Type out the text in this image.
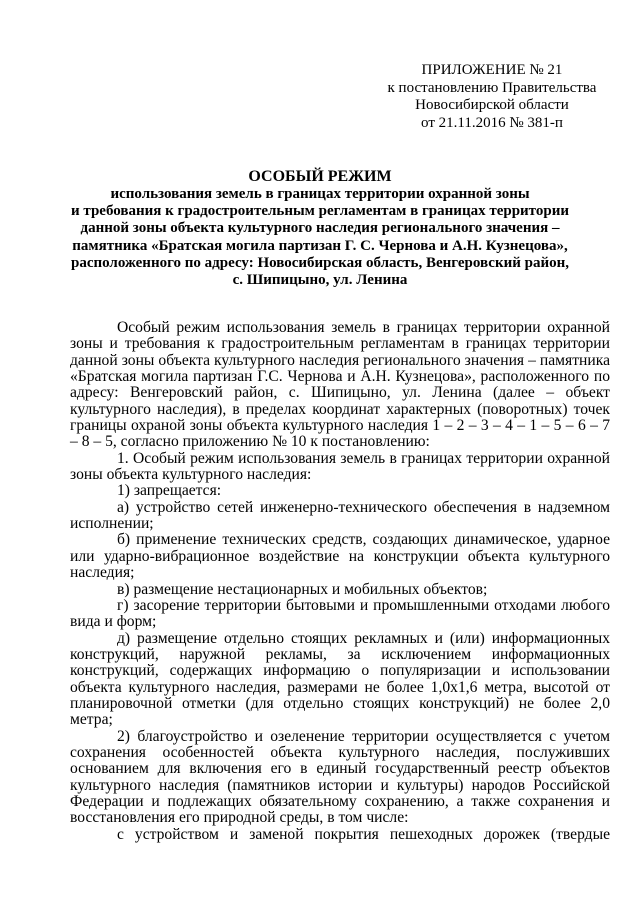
ПРИЛОЖЕНИЕ № 21
к постановлению Правительства
Новосибирской области
от 21.11.2016 № 381-п
ОСОБЫЙ РЕЖИМ
использования земель в границах территории охранной зоны
и требования к градостроительным регламентам в границах территории
данной зоны объекта культурного наследия регионального значения –
памятника «Братская могила партизан Г. С. Чернова и А.Н. Кузнецова»,
расположенного по адресу: Новосибирская область, Венгеровский район,
с. Шипицыно, ул. Ленина

Особый режим использования земель в границах территории охранной зоны и требования к градостроительным регламентам в границах территории данной зоны объекта культурного наследия регионального значения – памятника «Братская могила партизан Г.С. Чернова и А.Н. Кузнецова», расположенного по адресу: Венгеровский район, с. Шипицыно, ул. Ленина (далее – объект культурного наследия), в пределах координат характерных (поворотных) точек границы охраной зоны объекта культурного наследия 1 – 2 – 3 – 4 – 1 – 5 – 6 – 7 – 8 – 5, согласно приложению № 10 к постановлению:

1. Особый режим использования земель в границах территории охранной зоны объекта культурного наследия:

1) запрещается:

а) устройство сетей инженерно-технического обеспечения в надземном исполнении;

б) применение технических средств, создающих динамическое, ударное или ударно-вибрационное воздействие на конструкции объекта культурного наследия;

в) размещение нестационарных и мобильных объектов;

г) засорение территории бытовыми и промышленными отходами любого вида и форм;

д) размещение отдельно стоящих рекламных и (или) информационных конструкций, наружной рекламы, за исключением информационных конструкций, содержащих информацию о популяризации и использовании объекта культурного наследия, размерами не более 1,0х1,6 метра, высотой от планировочной отметки (для отдельно стоящих конструкций) не более 2,0 метра;

2) благоустройство и озеленение территории осуществляется с учетом сохранения особенностей объекта культурного наследия, послуживших основанием для включения его в единый государственный реестр объектов культурного наследия (памятников истории и культуры) народов Российской Федерации и подлежащих обязательному сохранению, а также сохранения и восстановления его природной среды, в том числе:

с устройством и заменой покрытия пешеходных дорожек (твердые
